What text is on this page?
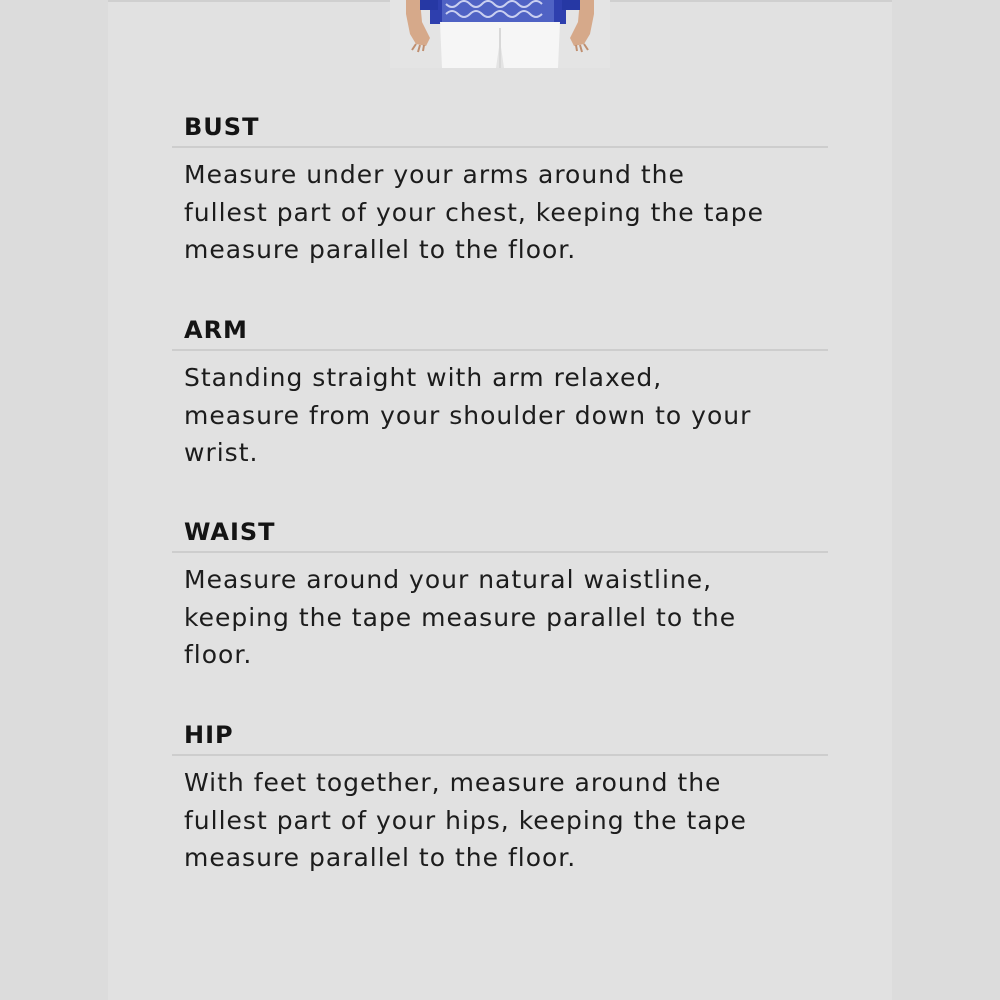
BUST
Measure under your arms around the
fullest part of your chest, keeping the tape
measure parallel to the floor.
ARM
Standing straight with arm relaxed,
measure from your shoulder down to your
wrist.
WAIST
Measure around your natural waistline,
keeping the tape measure parallel to the
floor.
HIP
With feet together, measure around the
fullest part of your hips, keeping the tape
measure parallel to the floor.
